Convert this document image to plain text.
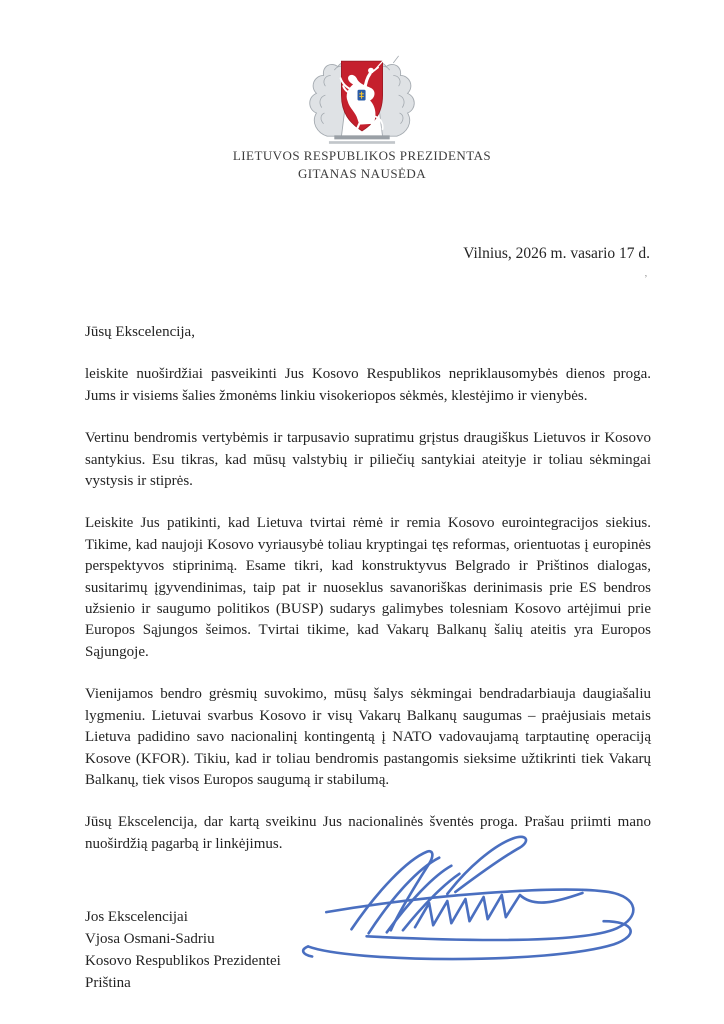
LIETUVOS RESPUBLIKOS PREZIDENTAS
GITANAS NAUSĖDA
Vilnius, 2026 m. vasario 17 d.
’

Jūsų Ekscelencija,

leiskite nuoširdžiai pasveikinti Jus Kosovo Respublikos nepriklausomybės dienos proga. Jums ir visiems šalies žmonėms linkiu visokeriopos sėkmės, klestėjimo ir vienybės.

Vertinu bendromis vertybėmis ir tarpusavio supratimu grįstus draugiškus Lietuvos ir Kosovo santykius. Esu tikras, kad mūsų valstybių ir piliečių santykiai ateityje ir toliau sėkmingai vystysis ir stiprės.

Leiskite Jus patikinti, kad Lietuva tvirtai rėmė ir remia Kosovo eurointegracijos siekius. Tikime, kad naujoji Kosovo vyriausybė toliau kryptingai tęs reformas, orientuotas į europinės perspektyvos stiprinimą. Esame tikri, kad konstruktyvus Belgrado ir Prištinos dialogas, susitarimų įgyvendinimas, taip pat ir nuoseklus savanoriškas derinimasis prie ES bendros užsienio ir saugumo politikos (BUSP) sudarys galimybes tolesniam Kosovo artėjimui prie Europos Sąjungos šeimos. Tvirtai tikime, kad Vakarų Balkanų šalių ateitis yra Europos Sąjungoje.

Vienijamos bendro grėsmių suvokimo, mūsų šalys sėkmingai bendradarbiauja daugiašaliu lygmeniu. Lietuvai svarbus Kosovo ir visų Vakarų Balkanų saugumas – praėjusiais metais Lietuva padidino savo nacionalinį kontingentą į NATO vadovaujamą tarptautinę operaciją Kosove (KFOR). Tikiu, kad ir toliau bendromis pastangomis sieksime užtikrinti tiek Vakarų Balkanų, tiek visos Europos saugumą ir stabilumą.

Jūsų Ekscelencija, dar kartą sveikinu Jus nacionalinės šventės proga. Prašau priimti mano nuoširdžią pagarbą ir linkėjimus.

Jos Ekscelencijai
Vjosa Osmani-Sadriu
Kosovo Respublikos Prezidentei
Priština
